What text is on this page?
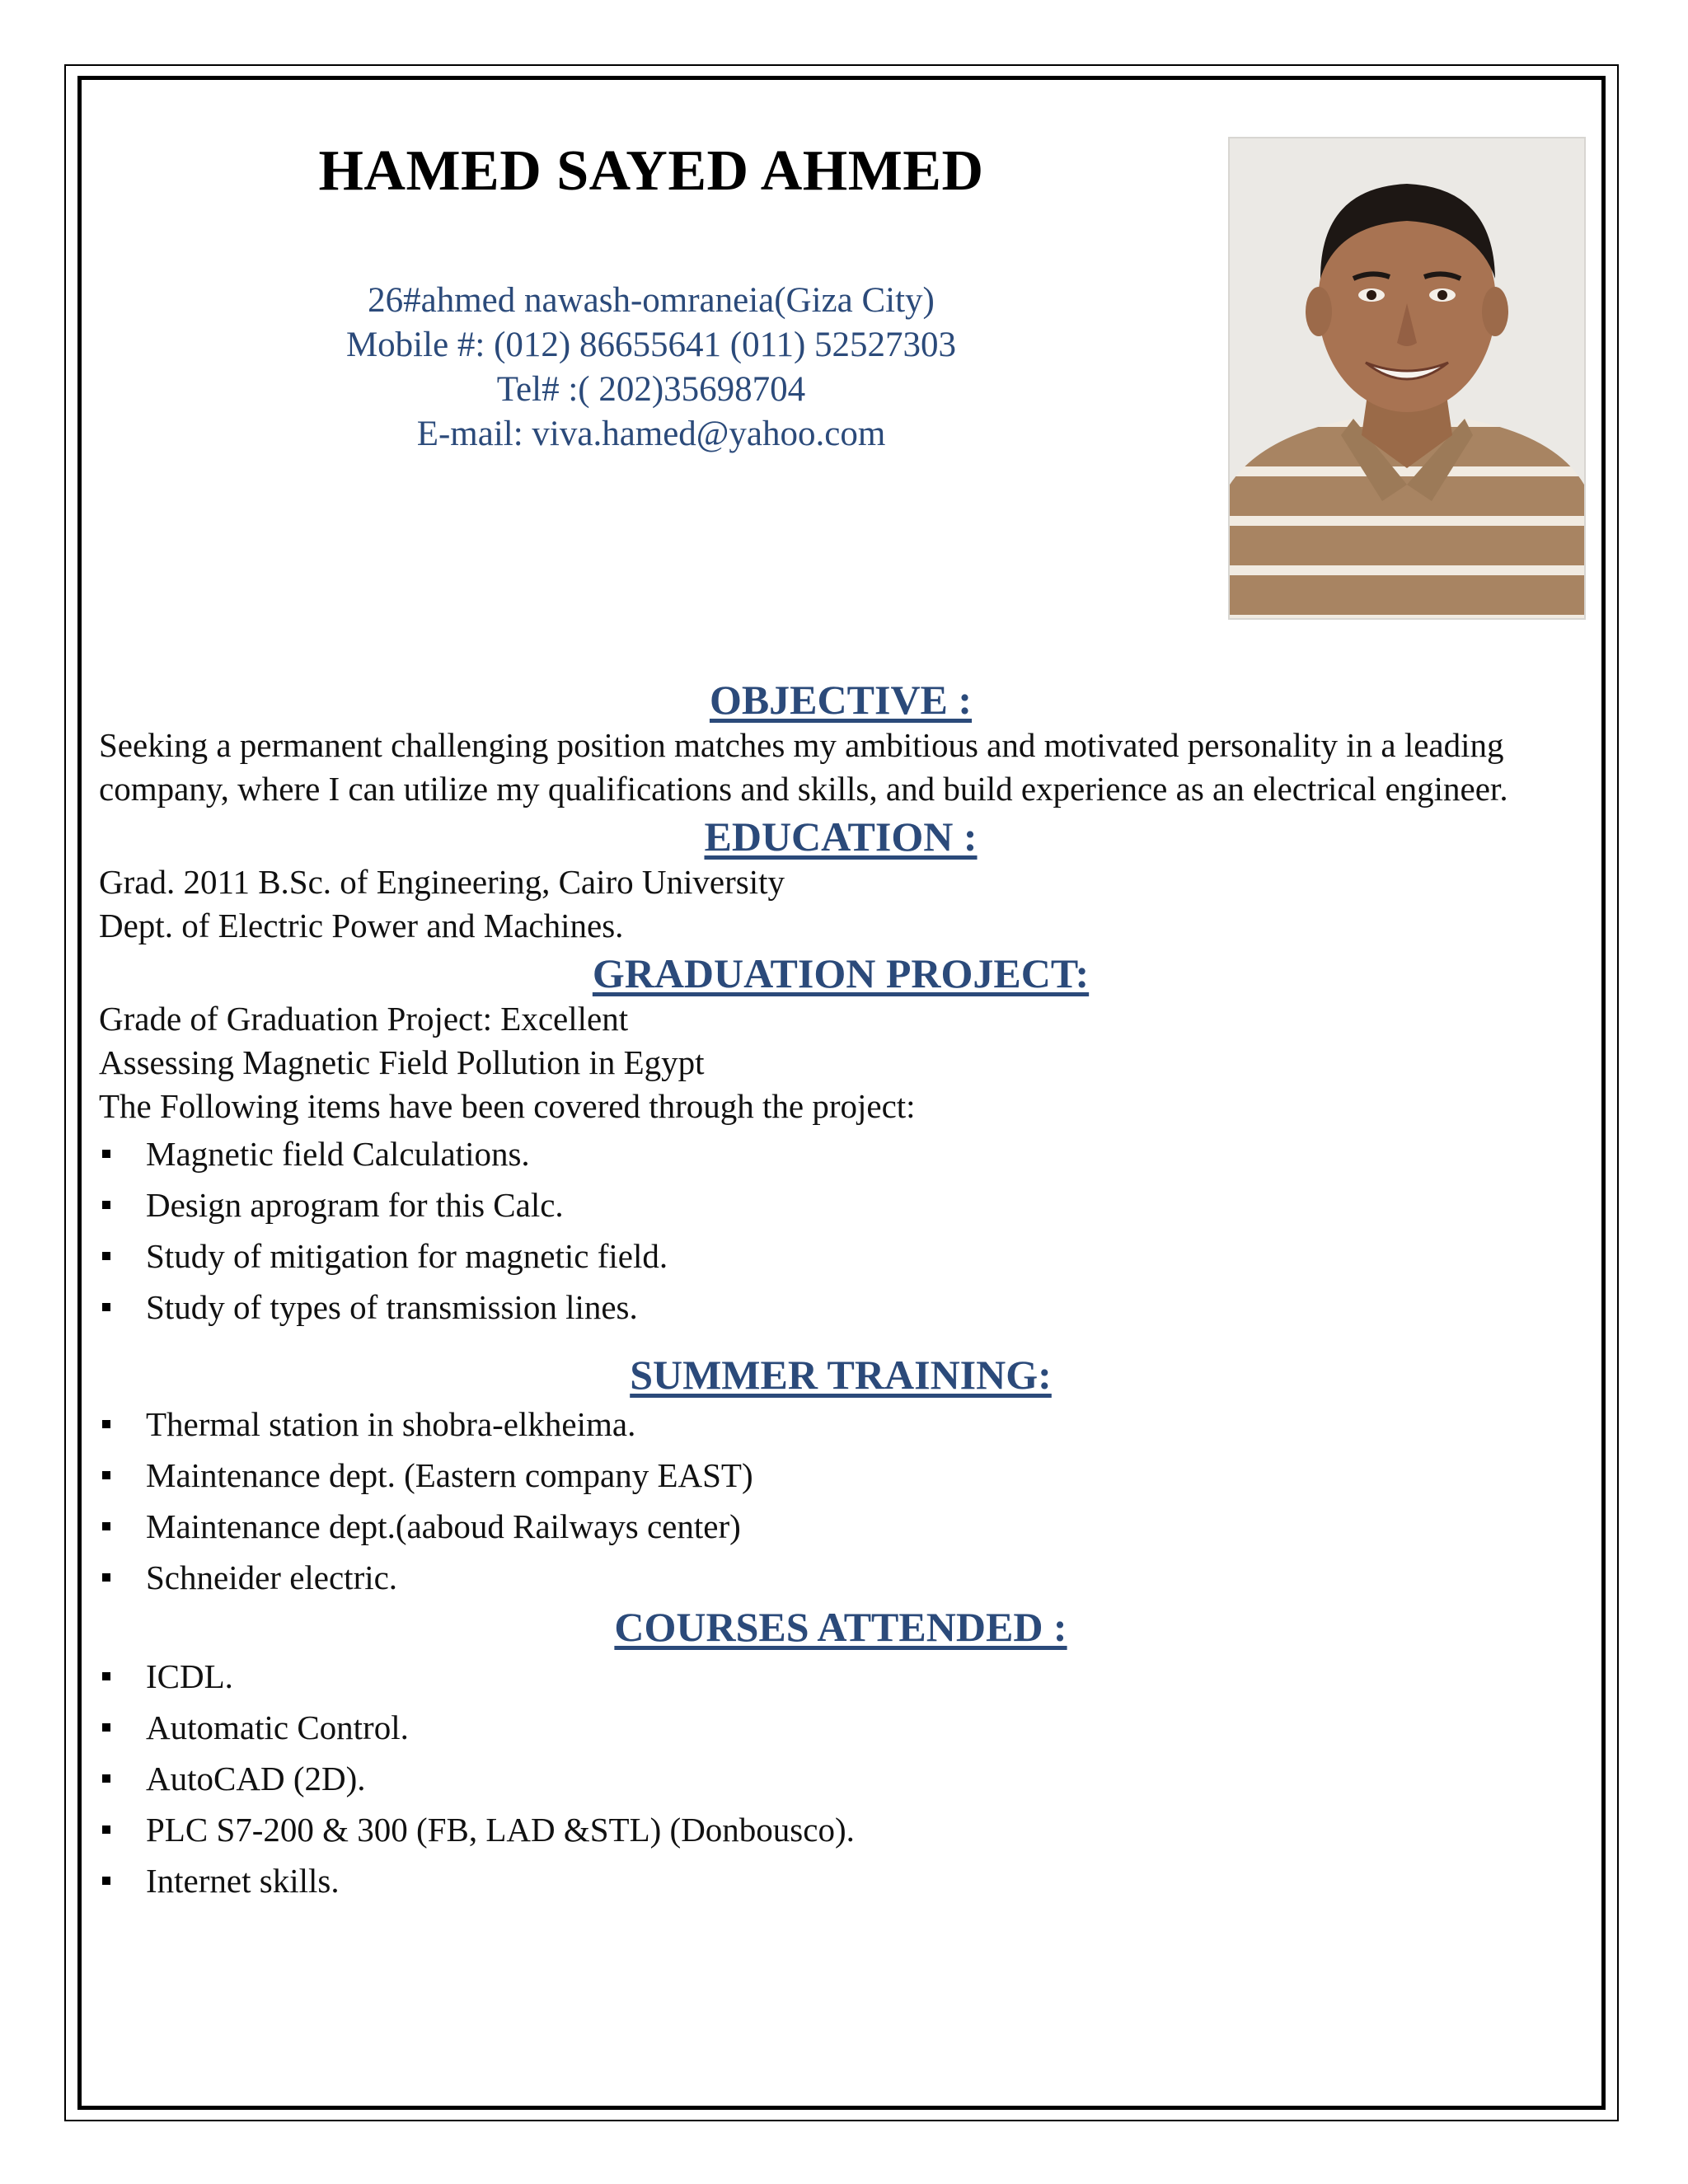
HAMED SAYED AHMED
26#ahmed nawash-omraneia(Giza City)
Mobile #: (012) 86655641 (011) 52527303
Tel# :( 202)35698704
E-mail: viva.hamed@yahoo.com
OBJECTIVE :

Seeking a permanent challenging position matches my ambitious and motivated personality in a leading company, where I can utilize my qualifications and skills, and build experience as an electrical engineer.

EDUCATION :

Grad. 2011 B.Sc. of Engineering, Cairo University

Dept. of Electric Power and Machines.

GRADUATION PROJECT:

Grade of Graduation Project: Excellent

Assessing Magnetic Field Pollution in Egypt

The Following items have been covered through the project:

Magnetic field Calculations.
Design aprogram for this Calc.
Study of mitigation for magnetic field.
Study of types of transmission lines.
SUMMER TRAINING:
Thermal station in shobra-elkheima.
Maintenance dept. (Eastern company EAST)
Maintenance dept.(aaboud Railways center)
Schneider electric.
COURSES ATTENDED :
ICDL.
Automatic Control.
AutoCAD (2D).
PLC S7-200 & 300 (FB, LAD &STL) (Donbousco).
Internet skills.
